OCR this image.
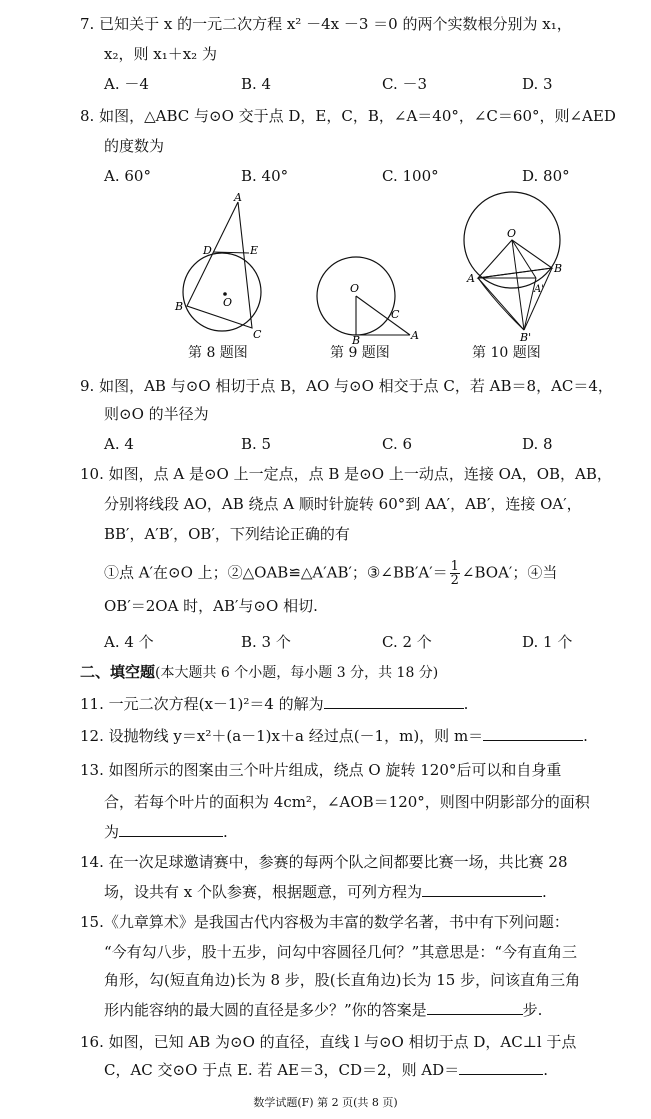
7. 已知关于 x 的一元二次方程 x² －4x －3 ＝0 的两个实数根分别为 x₁，
x₂，则 x₁＋x₂ 为
A. －4	B. 4	C. －3	D. 3
8. 如图，△ABC 与⊙O 交于点 D，E，C，B，∠A＝40°，∠C＝60°，则∠AED
的度数为
A. 60°	B. 40°	C. 100°	D. 80°
A
D	E
O
B
C
第 8 题图
O
C
B	A
第 9 题图
O
A
B
A'
B'
第 10 题图
9. 如图，AB 与⊙O 相切于点 B，AO 与⊙O 相交于点 C，若 AB＝8，AC＝4，
则⊙O 的半径为
A. 4	B. 5	C. 6	D. 8
10. 如图，点 A 是⊙O 上一定点，点 B 是⊙O 上一动点，连接 OA，OB，AB，
分别将线段 AO，AB 绕点 A 顺时针旋转 60°到 AA′，AB′，连接 OA′，
BB′，A′B′，OB′，下列结论正确的有
①点 A′在⊙O 上；②△OAB≌△A′AB′；③∠BB′A′＝ $\frac{1}{2}$ ∠BOA′；④当
OB′＝2OA 时，AB′与⊙O 相切.
A. 4 个	B. 3 个	C. 2 个	D. 1 个
二、填空题(本大题共 6 个小题，每小题 3 分，共 18 分)
11. 一元二次方程(x－1)²＝4 的解为	.
12. 设抛物线 y＝x²＋(a－1)x＋a 经过点(－1，m)，则 m＝	.
13. 如图所示的图案由三个叶片组成，绕点 O 旋转 120°后可以和自身重
合，若每个叶片的面积为 4cm²，∠AOB＝120°，则图中阴影部分的面积
为	.
14. 在一次足球邀请赛中，参赛的每两个队之间都要比赛一场，共比赛 28
场，设共有 x 个队参赛，根据题意，可列方程为	.
15.《九章算术》是我国古代内容极为丰富的数学名著，书中有下列问题：
“今有勾八步，股十五步，问勾中容圆径几何？”其意思是：“今有直角三
角形，勾(短直角边)长为 8 步，股(长直角边)长为 15 步，问该直角三角
形内能容纳的最大圆的直径是多少？”你的答案是	步.
16. 如图，已知 AB 为⊙O 的直径，直线 l 与⊙O 相切于点 D，AC⊥l 于点
C，AC 交⊙O 于点 E. 若 AE＝3，CD＝2，则 AD＝	.
数学试题(F) 第 2 页(共 8 页)
